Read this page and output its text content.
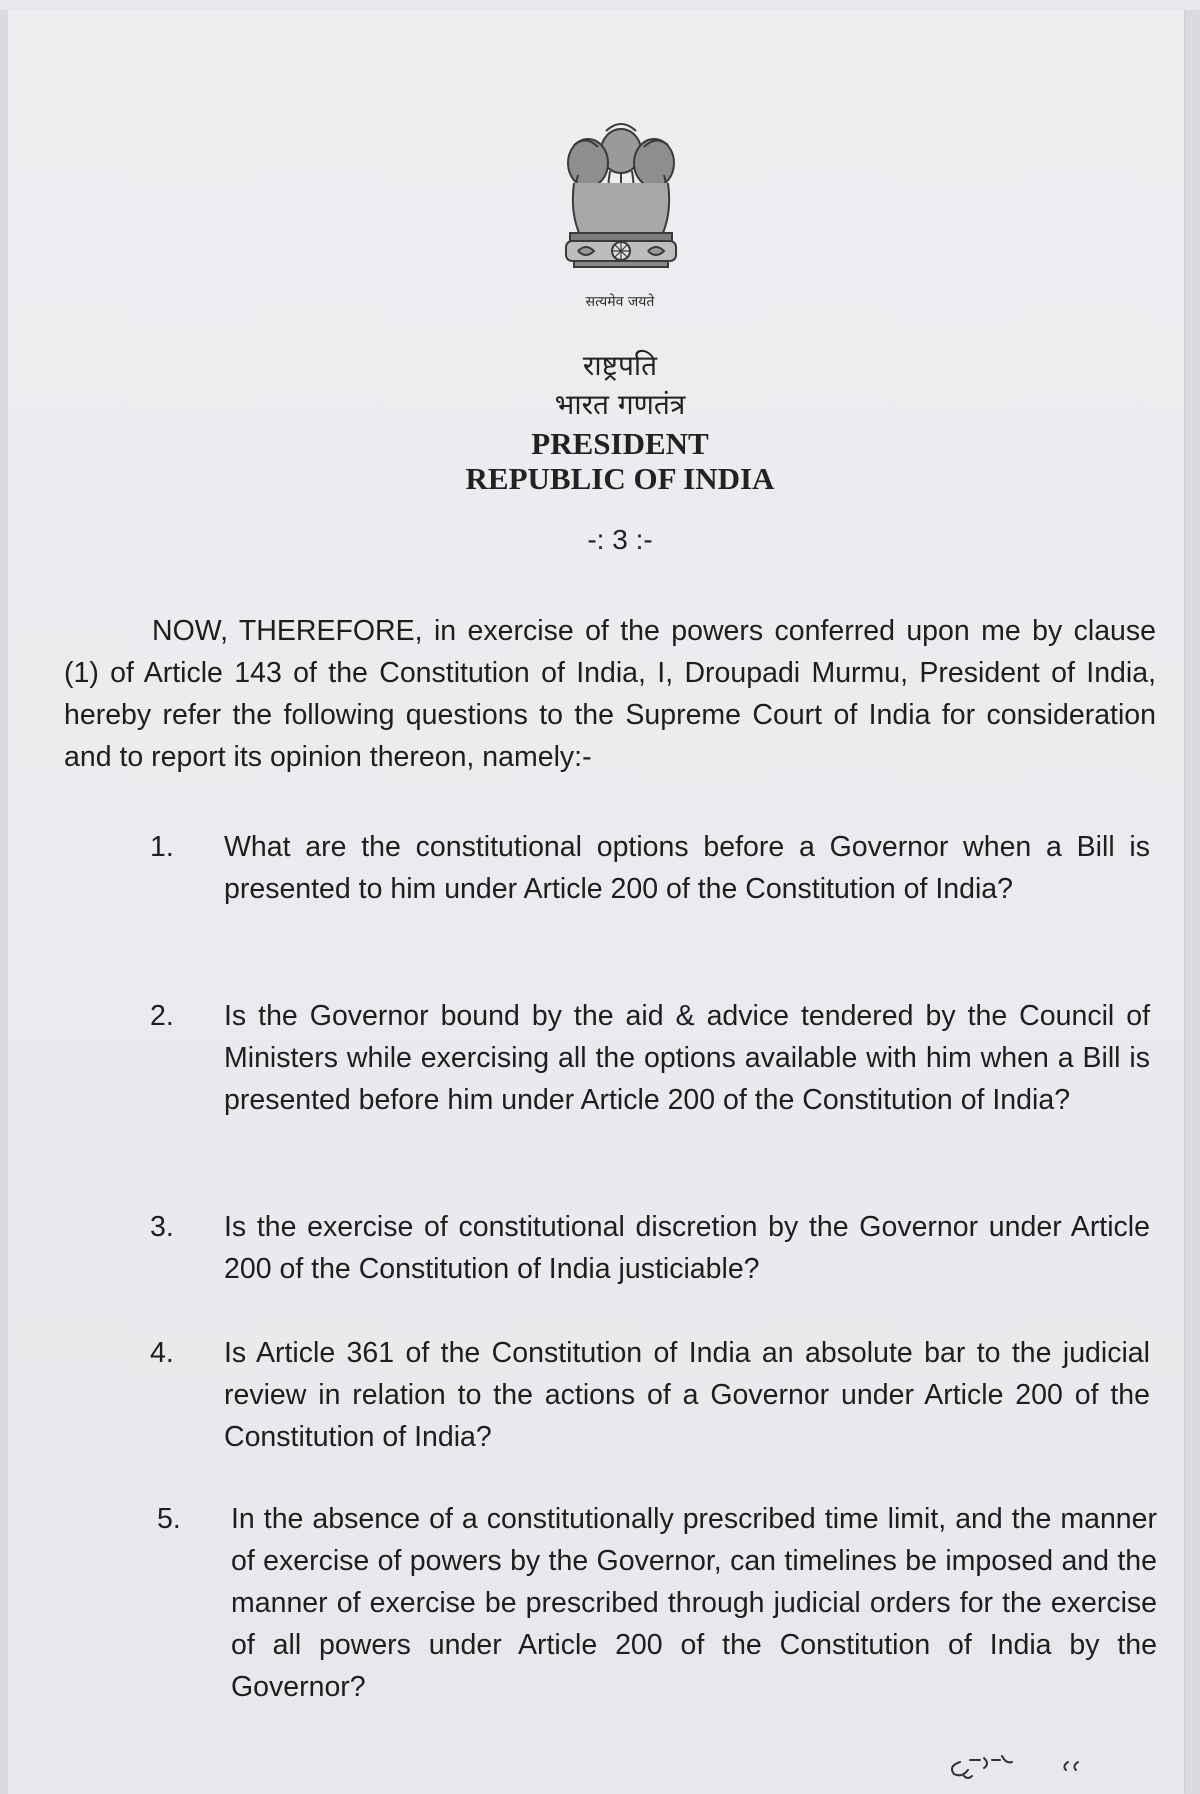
सत्यमेव जयते
राष्ट्रपति
भारत गणतंत्र
PRESIDENT
REPUBLIC OF INDIA
-: 3 :-
NOW, THEREFORE, in exercise of the powers conferred upon me by clause (1) of Article 143 of the Constitution of India, I, Droupadi Murmu, President of India, hereby refer the following questions to the Supreme Court of India for consideration and to report its opinion thereon, namely:-
1.	What are the constitutional options before a Governor when a Bill is presented to him under Article 200 of the Constitution of India?
2.	Is the Governor bound by the aid & advice tendered by the Council of Ministers while exercising all the options available with him when a Bill is presented before him under Article 200 of the Constitution of India?
3.	Is the exercise of constitutional discretion by the Governor under Article 200 of the Constitution of India justiciable?
4.	Is Article 361 of the Constitution of India an absolute bar to the judicial review in relation to the actions of a Governor under Article 200 of the Constitution of India?
5.	In the absence of a constitutionally prescribed time limit, and the manner of exercise of powers by the Governor, can timelines be imposed and the manner of exercise be prescribed through judicial orders for the exercise of all powers under Article 200 of the Constitution of India by the Governor?
